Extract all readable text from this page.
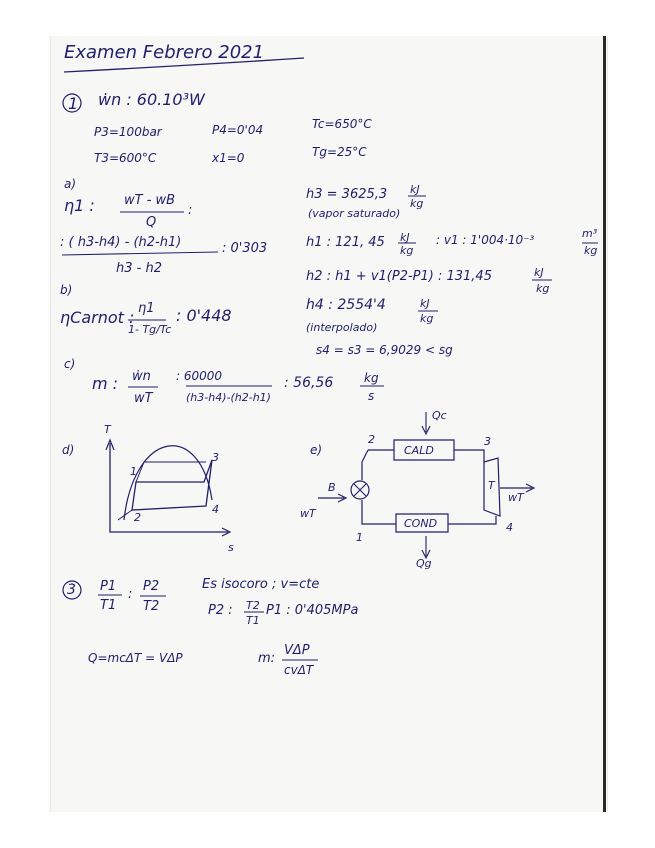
Examen Febrero 2021
1 ẇn : 60.10³W
P3=100bar	P4=0'04	Tc=650°C
T3=600°C	x1=0	Tg=25°C
a)
η1 : wT - wB
Q
:
: ( h3-h4) - (h2-h1)
h3 - h2
: 0'303
h3 = 3625,3 kJ
kg
(vapor saturado)
h1 : 121, 45 kJ
kg
: v1 : 1'004·10⁻³	m³
kg
h2 : h1 + v1(P2-P1) : 131,45	kJ
kg
b)
ηCarnot : η1
1- Tg/Tc
: 0'448
h4 : 2554'4	kJ
kg
(interpolado)
s4 = s3 = 6,9029 < sg
c)
m : ẇn
wT
: 60000
(h3-h4)-(h2-h1)
: 56,56	kg
s
d)
T
s
1
2
3
4
e)
Qc
CALD
T
wT
COND
B
wT
Qg
1
2	3
4
3 P1
T1
:
P2
T2
Es isocoro ; v=cte
P2 : T2
T1
P1 : 0'405MPa
Q=mcΔT = VΔP	m:
VΔP
cvΔT
